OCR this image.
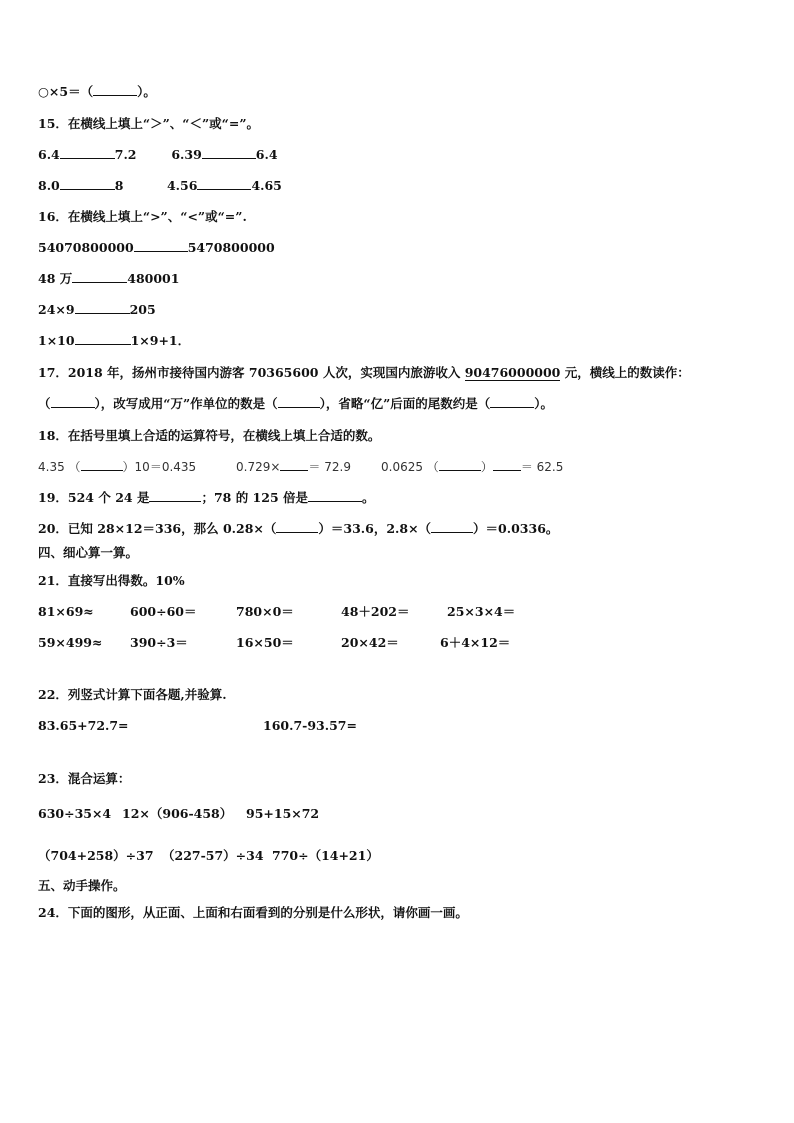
○×5＝（	）。
15．在横线上填上“＞”、“＜”或“=”。
6.4	7.2	6.39	6.4
8.0	8	4.56	4.65
16．在横线上填上“>”、“<”或“=”.
54070800000	5470800000
48 万	480001
24×9	205
1×10	1×9+1．
17．2018 年，扬州市接待国内游客 70365600 人次，实现国内旅游收入 90476000000 元，横线上的数读作：
（	），改写成用“万”作单位的数是（	），省略“亿”后面的尾数约是（	）。
18．在括号里填上合适的运算符号，在横线上填上合适的数。
4.35 （	）10＝0.435	0.729× ＝ 72.9	0.0625 （	） ＝ 62.5
19．524 个 24 是	；78 的 125 倍是	。
20．已知 28×12＝336，那么 0.28×（	）＝33.6，2.8×（	）＝0.0336。
四、细心算一算。
21．直接写出得数。10%
81×69≈	600÷60＝	780×0＝	48＋202＝	25×3×4＝
59×499≈ 390÷3＝	16×50＝	20×42＝	6＋4×12＝
22．列竖式计算下面各题,并验算.
83.65+72.7=	160.7-93.57=
23．混合运算：
630÷35×4 12×（906-458） 95+15×72
（704+258）÷37 （227-57）÷34 770÷（14+21）
五、动手操作。
24．下面的图形，从正面、上面和右面看到的分别是什么形状，请你画一画。
